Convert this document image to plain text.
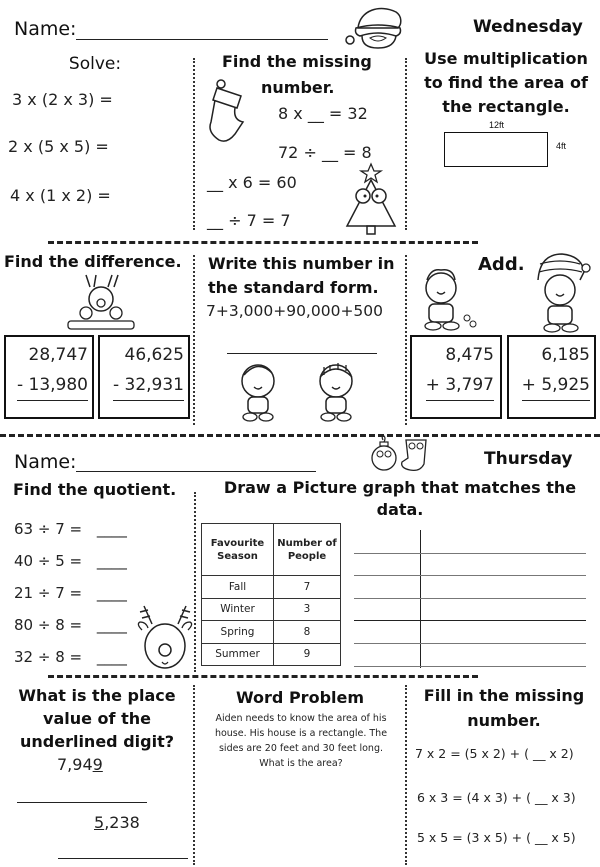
Name:	Wednesday
Solve:
3 x (2 x 3) =
2 x (5 x 5) =
4 x (1 x 2) =
Find the missing
number.
8 x __ = 32
72 ÷ __ = 8
__ x 6 = 60
__ ÷ 7 = 7
Use multiplication
to find the area of
the rectangle.
12ft
4ft
Find the difference.
28,747
- 13,980
46,625
- 32,931
Write this number in
the standard form.
7+3,000+90,000+500
Add.
8,475
+ 3,797
6,185
+ 5,925
Name:	Thursday
Find the quotient.
63 ÷ 7 = ____
40 ÷ 5 = ____
21 ÷ 7 = ____
80 ÷ 8 = ____
32 ÷ 8 = ____
Draw a Picture graph that matches the
data.
Favourite Season	Number of People
Fall	7
Winter	3
Spring	8
Summer	9
What is the place
value of the
underlined digit?
7,949
5,238
Word Problem
Aiden needs to know the area of his house. His house is a rectangle. The sides are 20 feet and 30 feet long. What is the area?
Fill in the missing
number.
7 x 2 = (5 x 2) + ( __ x 2)
6 x 3 = (4 x 3) + ( __ x 3)
5 x 5 = (3 x 5) + ( __ x 5)
